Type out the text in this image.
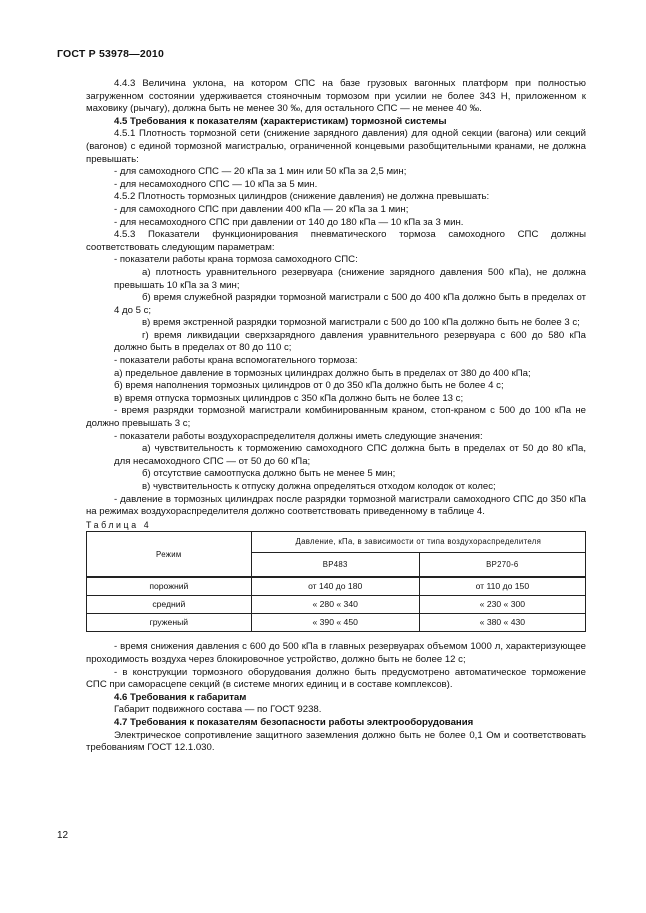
ГОСТ Р 53978—2010

4.4.3 Величина уклона, на котором СПС на базе грузовых вагонных платформ при полностью загруженном состоянии удерживается стояночным тормозом при усилии не более 343 Н, приложенном к маховику (рычагу), должна быть не менее 30 ‰, для остального СПС — не менее 40 ‰.

4.5 Требования к показателям (характеристикам) тормозной системы

4.5.1 Плотность тормозной сети (снижение зарядного давления) для одной секции (вагона) или секций (вагонов) с единой тормозной магистралью, ограниченной концевыми разобщительными кранами, не должна превышать:

- для самоходного СПС — 20 кПа за 1 мин или 50 кПа за 2,5 мин;

- для несамоходного СПС — 10 кПа за 5 мин.

4.5.2 Плотность тормозных цилиндров (снижение давления) не должна превышать:

- для самоходного СПС при давлении 400 кПа — 20 кПа за 1 мин;

- для несамоходного СПС при давлении от 140 до 180 кПа — 10 кПа за 3 мин.

4.5.3 Показатели функционирования пневматического тормоза самоходного СПС должны соответствовать следующим параметрам:

- показатели работы крана тормоза самоходного СПС:

а) плотность уравнительного резервуара (снижение зарядного давления 500 кПа), не должна превышать 10 кПа за 3 мин;

б) время служебной разрядки тормозной магистрали с 500 до 400 кПа должно быть в пределах от 4 до 5 с;

в) время экстренной разрядки тормозной магистрали с 500 до 100 кПа должно быть не более 3 с;

г) время ликвидации сверхзарядного давления уравнительного резервуара с 600 до 580 кПа должно быть в пределах от 80 до 110 с;

- показатели работы крана вспомогательного тормоза:

а) предельное давление в тормозных цилиндрах должно быть в пределах от 380 до 400 кПа;

б) время наполнения тормозных цилиндров от 0 до 350 кПа должно быть не более 4 с;

в) время отпуска тормозных цилиндров с 350 кПа должно быть не более 13 с;

- время разрядки тормозной магистрали комбинированным краном, стоп-краном с 500 до 100 кПа не должно превышать 3 с;

- показатели работы воздухораспределителя должны иметь следующие значения:

а) чувствительность к торможению самоходного СПС должна быть в пределах от 50 до 80 кПа, для несамоходного СПС — от 50 до 60 кПа;

б) отсутствие самоотпуска должно быть не менее 5 мин;

в) чувствительность к отпуску должна определяться отходом колодок от колес;

- давление в тормозных цилиндрах после разрядки тормозной магистрали самоходного СПС до 350 кПа на режимах воздухораспределителя должно соответствовать приведенному в таблице 4.

Таблица 4

Режим	Давление, кПа, в зависимости от типа воздухораспределителя	
	ВР483	ВР270-6
порожний	от 140 до 180	от 110 до 150
средний	« 280 « 340	« 230 « 300
груженый	« 390 « 450	« 380 « 430

- время снижения давления с 600 до 500 кПа в главных резервуарах объемом 1000 л, характеризующее проходимость воздуха через блокировочное устройство, должно быть не более 12 с;

- в конструкции тормозного оборудования должно быть предусмотрено автоматическое торможение СПС при саморасцепе секций (в системе многих единиц и в составе комплексов).

4.6 Требования к габаритам

Габарит подвижного состава — по ГОСТ 9238.

4.7 Требования к показателям безопасности работы электрооборудования

Электрическое сопротивление защитного заземления должно быть не более 0,1 Ом и соответствовать требованиям ГОСТ 12.1.030.

12
